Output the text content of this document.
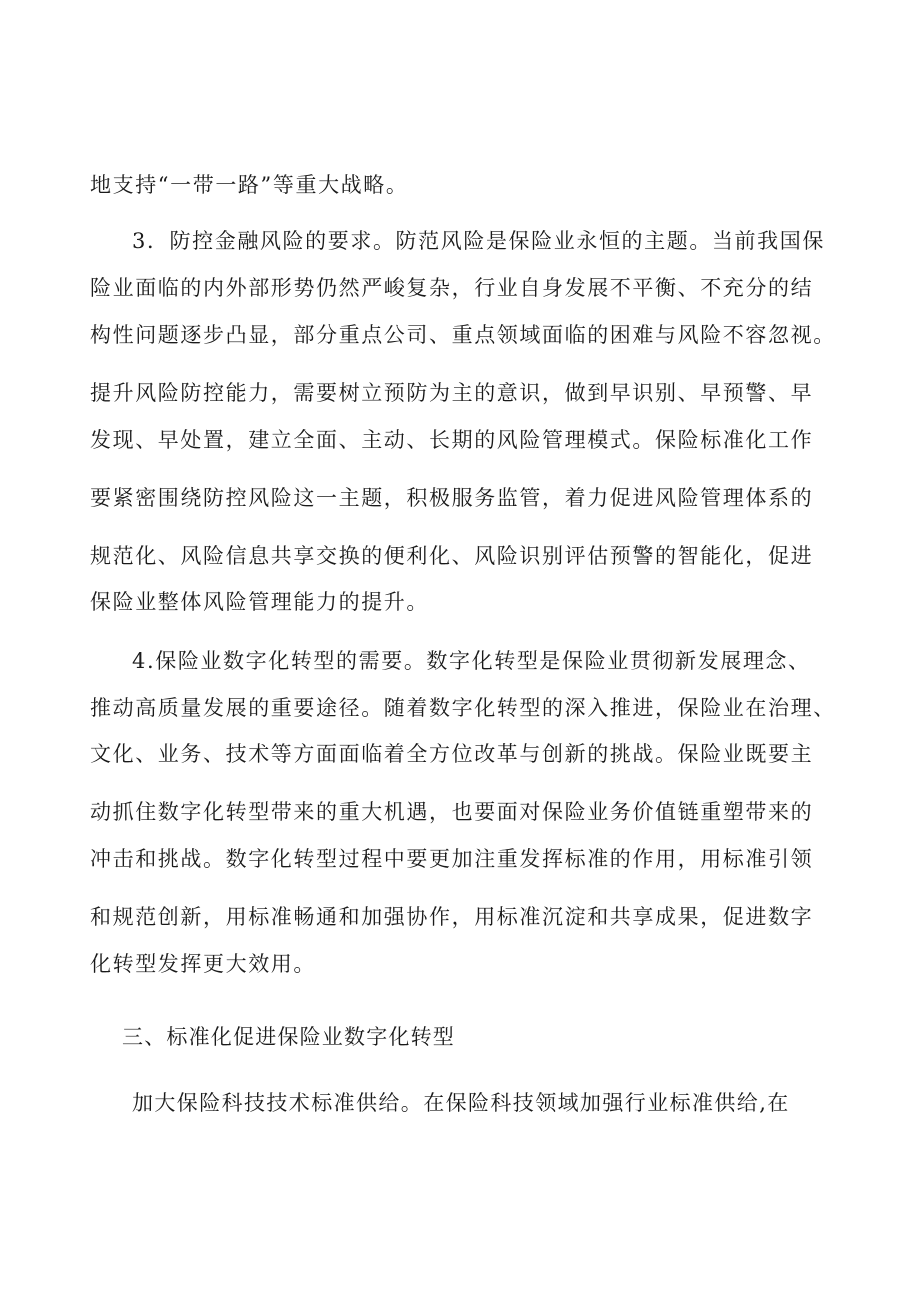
地支持“一带一路”等重大战略。
3．防控金融风险的要求。防范风险是保险业永恒的主题。当前我国保
险业面临的内外部形势仍然严峻复杂，行业自身发展不平衡、不充分的结
构性问题逐步凸显，部分重点公司、重点领域面临的困难与风险不容忽视。
提升风险防控能力，需要树立预防为主的意识，做到早识别、早预警、早
发现、早处置，建立全面、主动、长期的风险管理模式。保险标准化工作
要紧密围绕防控风险这一主题，积极服务监管，着力促进风险管理体系的
规范化、风险信息共享交换的便利化、风险识别评估预警的智能化，促进
保险业整体风险管理能力的提升。
4.保险业数字化转型的需要。数字化转型是保险业贯彻新发展理念、
推动高质量发展的重要途径。随着数字化转型的深入推进，保险业在治理、
文化、业务、技术等方面面临着全方位改革与创新的挑战。保险业既要主
动抓住数字化转型带来的重大机遇，也要面对保险业务价值链重塑带来的
冲击和挑战。数字化转型过程中要更加注重发挥标准的作用，用标准引领
和规范创新，用标准畅通和加强协作，用标准沉淀和共享成果，促进数字
化转型发挥更大效用。
三、标准化促进保险业数字化转型
加大保险科技技术标准供给。在保险科技领域加强行业标准供给,在
